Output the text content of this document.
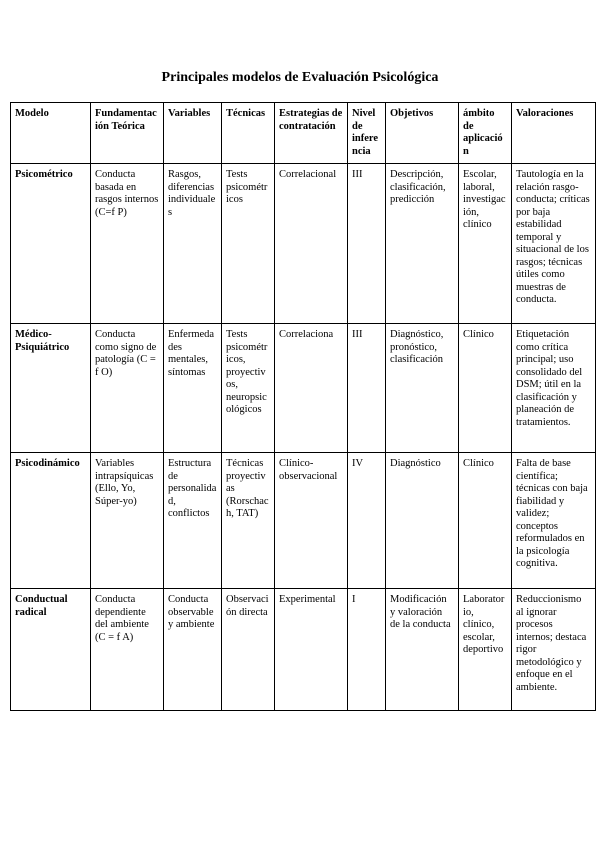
Principales modelos de Evaluación Psicológica
Modelo	Fundamentación Teórica	Variables	Técnicas	Estrategias de contratación	Nivel de inferencia	Objetivos	ámbito de aplicación	Valoraciones
Psicométrico	Conducta basada en rasgos internos (C=f P)	Rasgos, diferencias individuales	Tests psicométricos	Correlacional	III	Descripción, clasificación, predicción	Escolar, laboral, investigación, clínico	Tautología en la relación rasgo-conducta; críticas por baja estabilidad temporal y situacional de los rasgos; técnicas útiles como muestras de conducta.
Médico-Psiquiátrico	Conducta como signo de patología (C = f O)	Enfermedades mentales, síntomas	Tests psicométricos, proyectivos, neuropsicológicos	Correlaciona	III	Diagnóstico, pronóstico, clasificación	Clínico	Etiquetación como crítica principal; uso consolidado del DSM; útil en la clasificación y planeación de tratamientos.
Psicodinámico	Variables intrapsíquicas (Ello, Yo, Súper-yo)	Estructura de personalidad, conflictos	Técnicas proyectivas (Rorschach, TAT)	Clínico-observacional	IV	Diagnóstico	Clínico	Falta de base científica; técnicas con baja fiabilidad y validez; conceptos reformulados en la psicología cognitiva.
Conductual radical	Conducta dependiente del ambiente (C = f A)	Conducta observable y ambiente	Observación directa	Experimental	I	Modificación y valoración de la conducta	Laboratorio, clínico, escolar, deportivo	Reduccionismo al ignorar procesos internos; destaca rigor metodológico y enfoque en el ambiente.
